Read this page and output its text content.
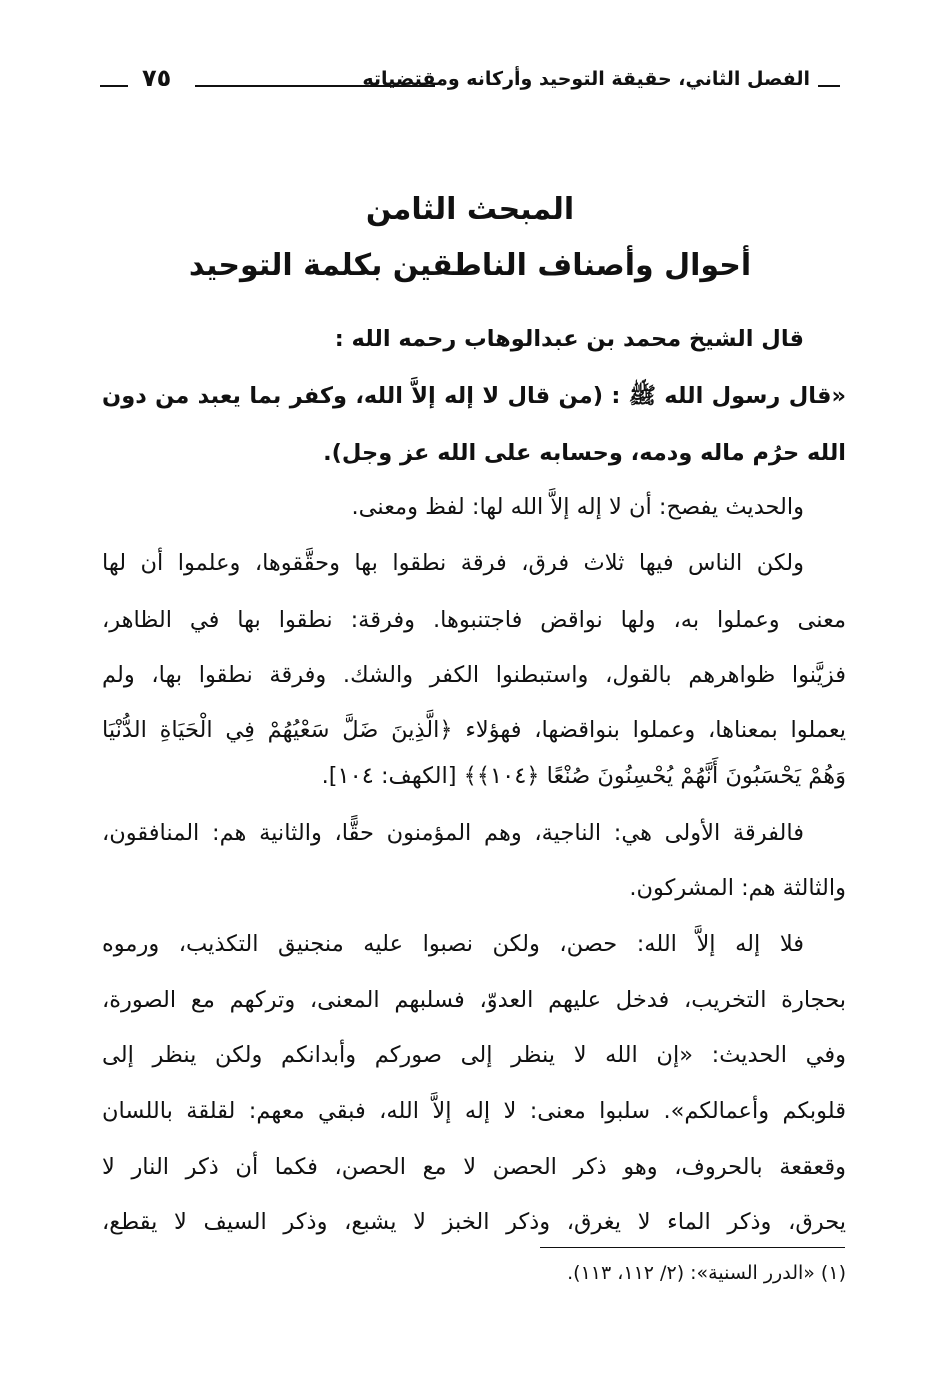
الفصل الثاني، حقيقة التوحيد وأركانه ومقتضياته
٧٥
المبحث الثامن
أحوال وأصناف الناطقين بكلمة التوحيد
قال الشيخ محمد بن عبدالوهاب رحمه الله :
«قال رسول الله ﷺ : (من قال لا إله إلاَّ الله، وكفر بما يعبد من دون
الله حرُم ماله ودمه، وحسابه على الله عز وجل).
والحديث يفصح: أن لا إله إلاَّ الله لها: لفظ ومعنى.
ولكن الناس فيها ثلاث فرق، فرقة نطقوا بها وحقَّقوها، وعلموا أن لها
معنى وعملوا به، ولها نواقض فاجتنبوها. وفرقة: نطقوا بها في الظاهر،
فزيَّنوا ظواهرهم بالقول، واستبطنوا الكفر والشك. وفرقة نطقوا بها، ولم
يعملوا بمعناها، وعملوا بنواقضها، فهؤلاء ﴿الَّذِينَ ضَلَّ سَعْيُهُمْ فِي الْحَيَاةِ الدُّنْيَا
وَهُمْ يَحْسَبُونَ أَنَّهُمْ يُحْسِنُونَ صُنْعًا ﴿١٠٤﴾﴾ [الكهف: ١٠٤].
فالفرقة الأولى هي: الناجية، وهم المؤمنون حقًّا، والثانية هم: المنافقون،
والثالثة هم: المشركون.
فلا إله إلاَّ الله: حصن، ولكن نصبوا عليه منجنيق التكذيب، ورموه
بحجارة التخريب، فدخل عليهم العدوّ، فسلبهم المعنى، وتركهم مع الصورة،
وفي الحديث: «إن الله لا ينظر إلى صوركم وأبدانكم ولكن ينظر إلى
قلوبكم وأعمالكم». سلبوا معنى: لا إله إلاَّ الله، فبقي معهم: لقلقة باللسان
وقعقعة بالحروف، وهو ذكر الحصن لا مع الحصن، فكما أن ذكر النار لا
يحرق، وذكر الماء لا يغرق، وذكر الخبز لا يشبع، وذكر السيف لا يقطع،
(١) «الدرر السنية»: (٢/ ١١٢، ١١٣).
